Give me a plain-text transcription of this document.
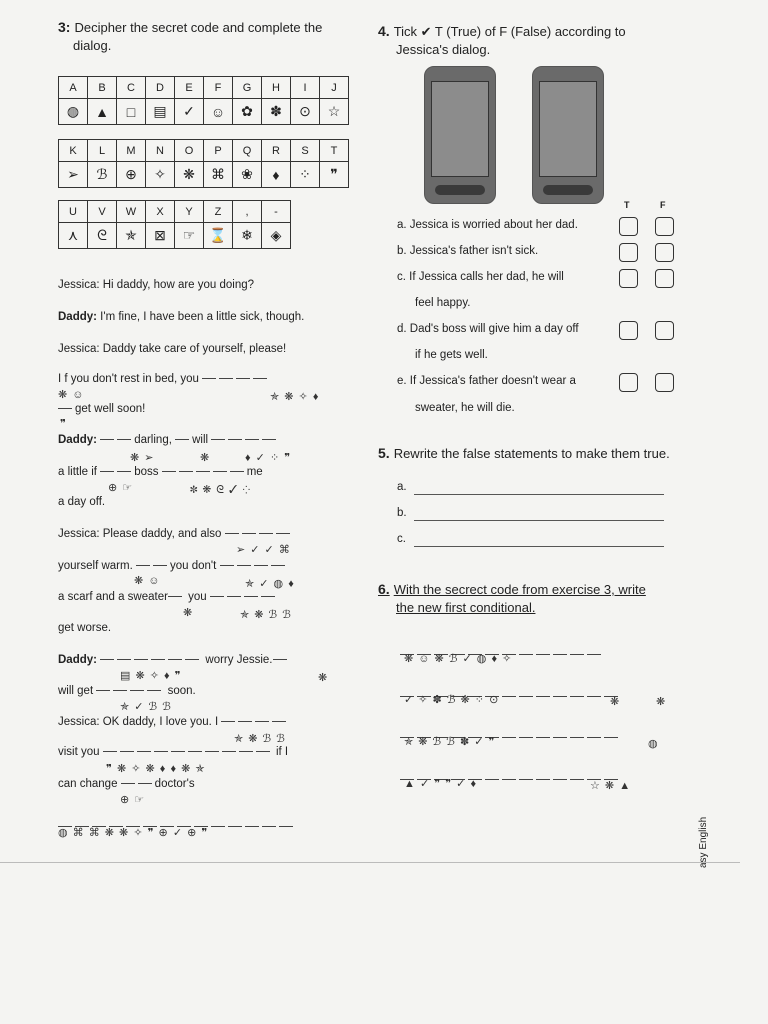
3: Decipher the secret code and complete the
dialog.
A	B	C	D	E	F	G	H	I	J
◍	▲	□	▤	✓	☺	✿	✽	⊙	☆
K	L	M	N	O	P	Q	R	S	T
➢	ℬ	⊕	✧	❋	⌘	❀	♦	⁘	❞
U	V	W	X	Y	Z	,	-
⋏	ᘓ	✯	⊠	☞	⌛	❄	◈
Jessica: Hi daddy, how are you doing?
Daddy: I'm fine, I have been a little sick, though.
Jessica: Daddy take care of yourself, please!
I f you don't rest in bed, you
❋ ☺	✯ ❋ ✧ ♦
get well soon!
❞
Daddy:	darling, will
❋ ➢	❋	♦ ✓ ⁘ ❞
a little if	boss	me
⊕ ☞	✽ ❋ ᘓ ✓ ⁘
a day off.
Jessica: Please daddy, and also
➢ ✓ ✓ ⌘
yourself warm.	you don't
❋ ☺	✯ ✓ ◍ ♦
a scarf and a sweater you
❋	✯ ❋ ℬ ℬ
get worse.
Daddy:	worry Jessie.
▤ ❋ ✧ ♦ ❞	❋
will get	soon.
✯ ✓ ℬ ℬ
Jessica: OK daddy, I love you. I
✯ ❋ ℬ ℬ
visit you	if I
❞ ❋ ✧ ❋ ♦ ♦ ❋ ✯
can change	doctor's
⊕ ☞
◍ ⌘ ⌘ ❋ ❋ ✧ ❞ ⊕ ✓ ⊕ ❞
4. Tick ✔ T (True) of F (False) according to
Jessica's dialog.
T	F
a. Jessica is worried about her dad.
b. Jessica's father isn't sick.
c. If Jessica calls her dad, he will
feel happy.
d. Dad's boss will give him a day off
if he gets well.
e. If Jessica's father doesn't wear a
sweater, he will die.
5. Rewrite the false statements to make them true.
a.
b.
c.
6. With the secrect code from exercise 3, write
the new first conditional.
❋ ☺ ❋ ℬ ✓ ◍ ♦ ✧
✓ ✧ ✽ ℬ ❋ ⁘ ⊙	❋	❋
✯ ❋ ℬ ℬ ✽ ✓ ❞	◍
▲ ✓ ❞ ❞ ✓ ♦	☆ ❋ ▲
asy English
